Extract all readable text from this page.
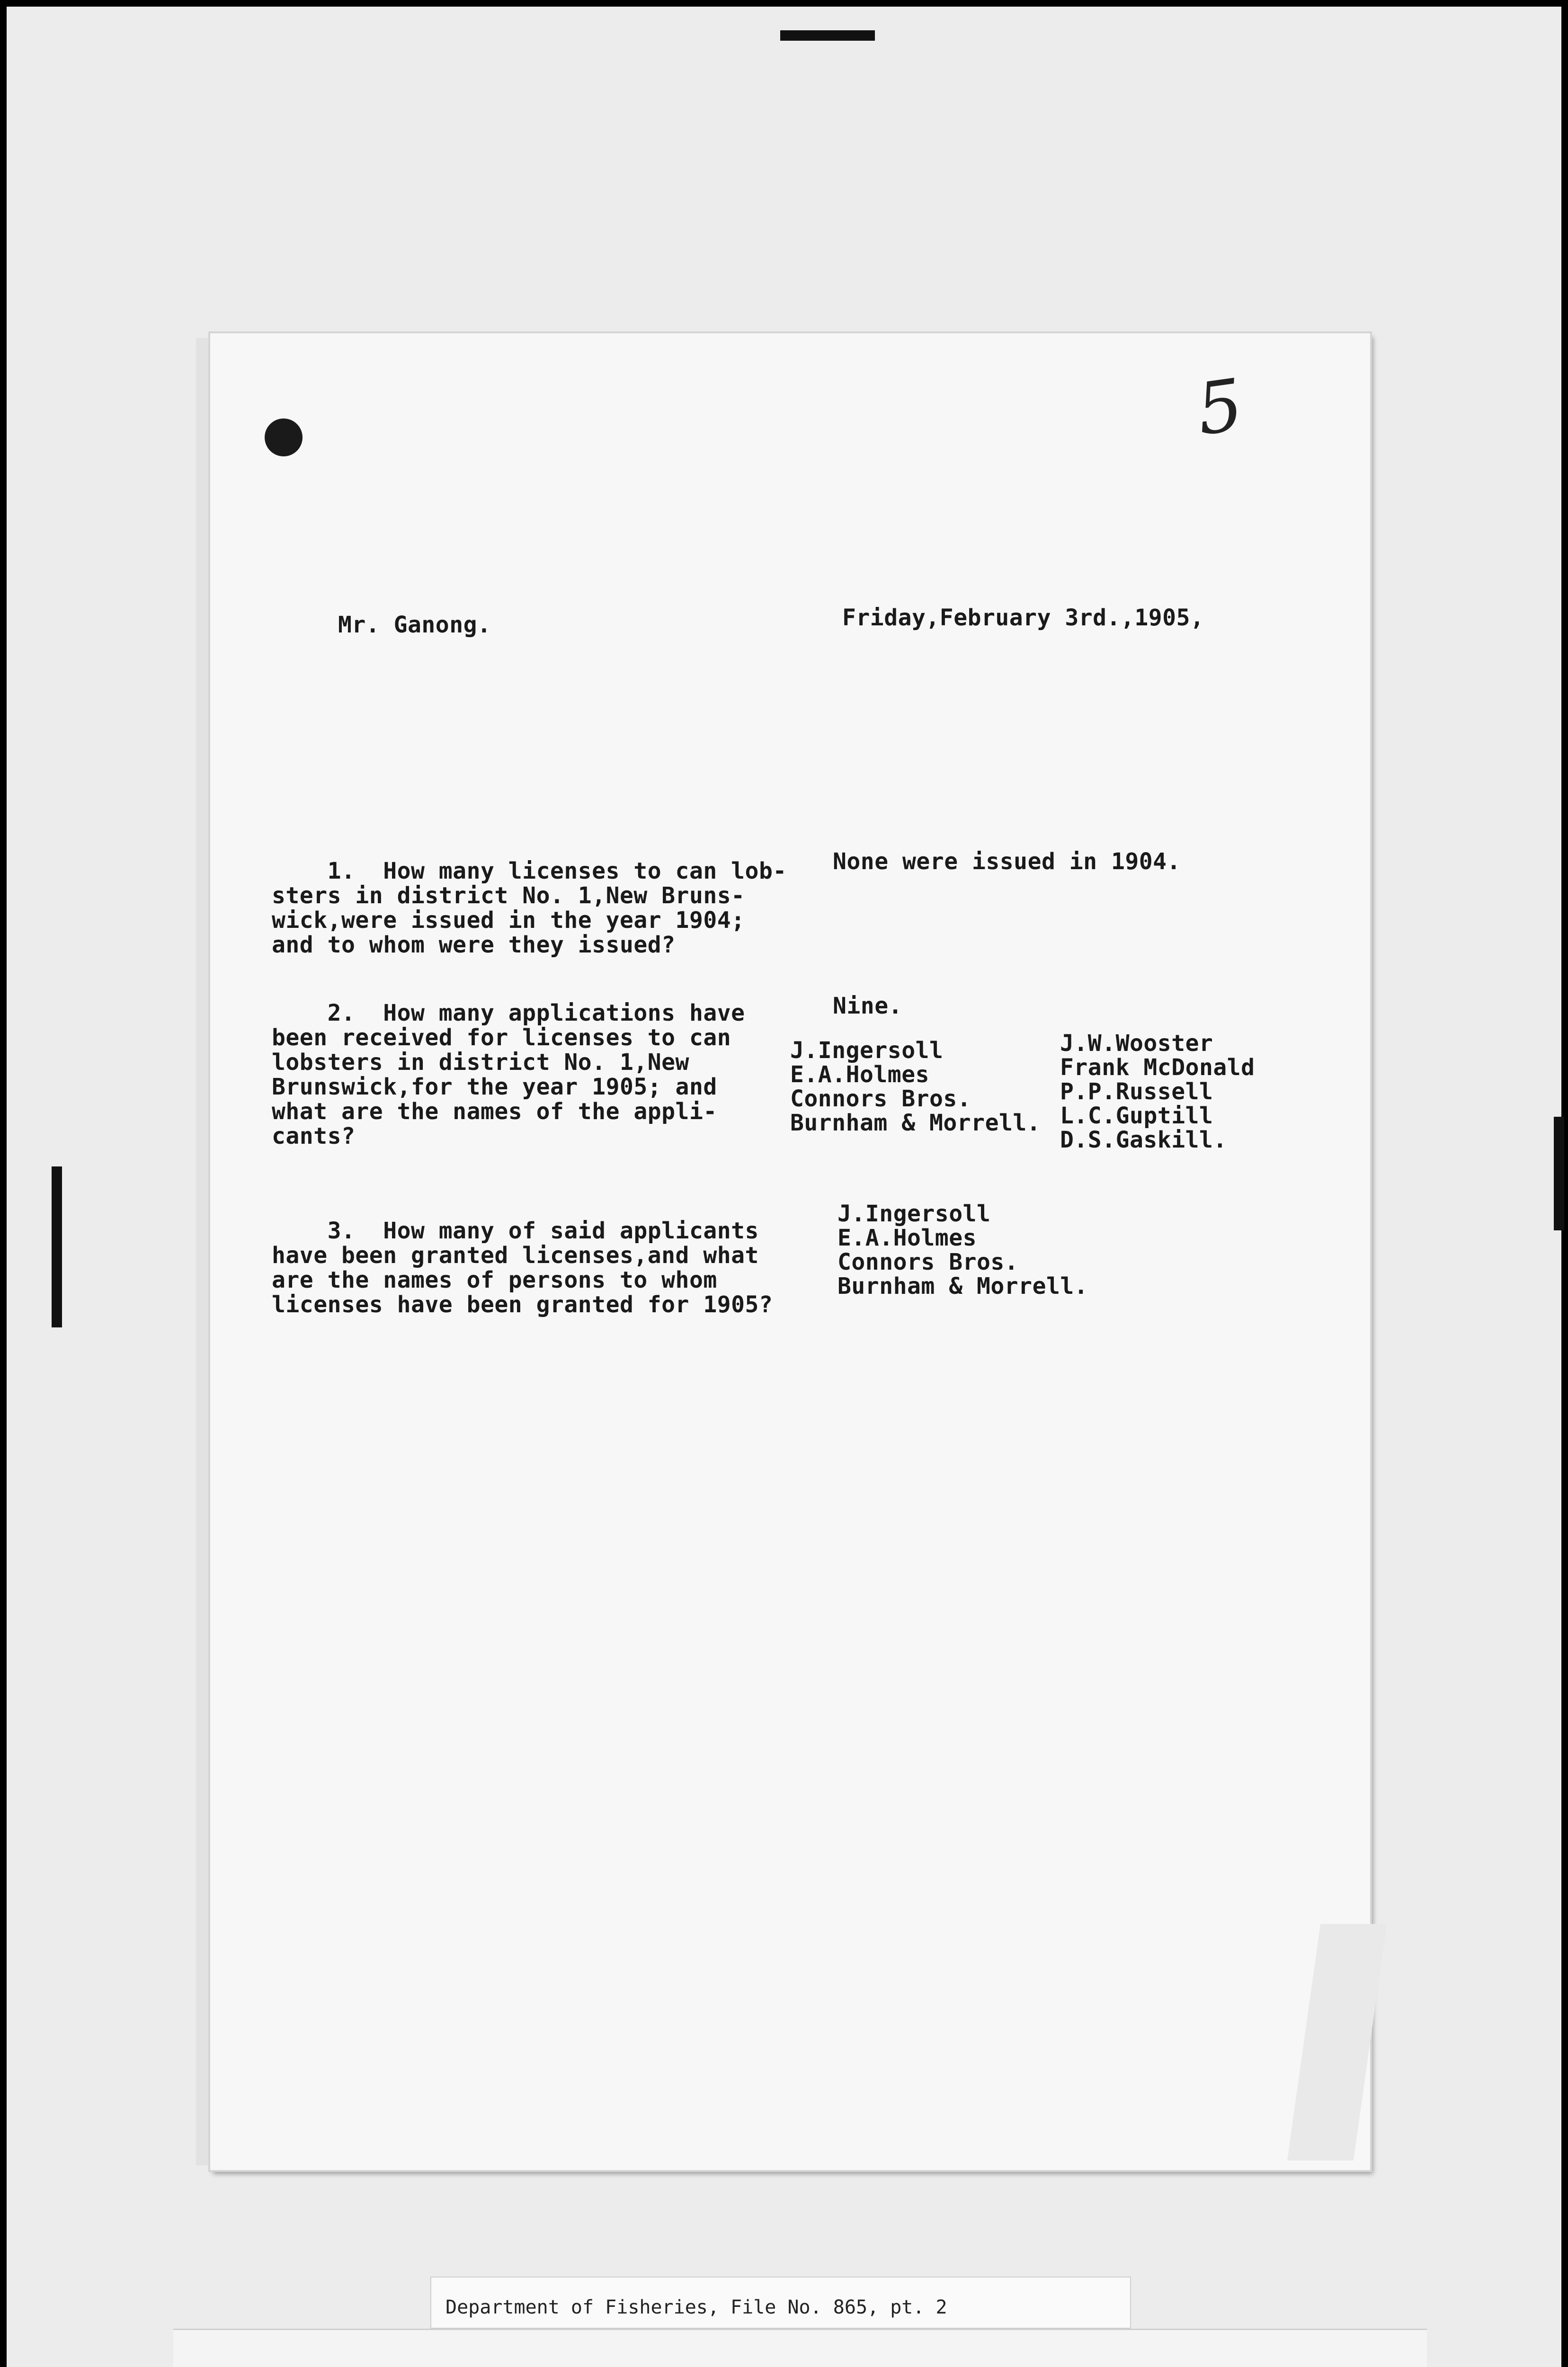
5
Mr. Ganong.	Friday,February 3rd.,1905,
1.  How many licenses to can lob-
sters in district No. 1,New Bruns-
wick,were issued in the year 1904;
and to whom were they issued?
None were issued in 1904.
2.  How many applications have
been received for licenses to can
lobsters in district No. 1,New
Brunswick,for the year 1905; and
what are the names of the appli-
cants?
Nine.
J.Ingersoll
E.A.Holmes
Connors Bros.
Burnham & Morrell.
J.W.Wooster
Frank McDonald
P.P.Russell
L.C.Guptill
D.S.Gaskill.
3.  How many of said applicants
have been granted licenses,and what
are the names of persons to whom
licenses have been granted for 1905?
J.Ingersoll
E.A.Holmes
Connors Bros.
Burnham & Morrell.
Department of Fisheries, File No. 865, pt. 2
